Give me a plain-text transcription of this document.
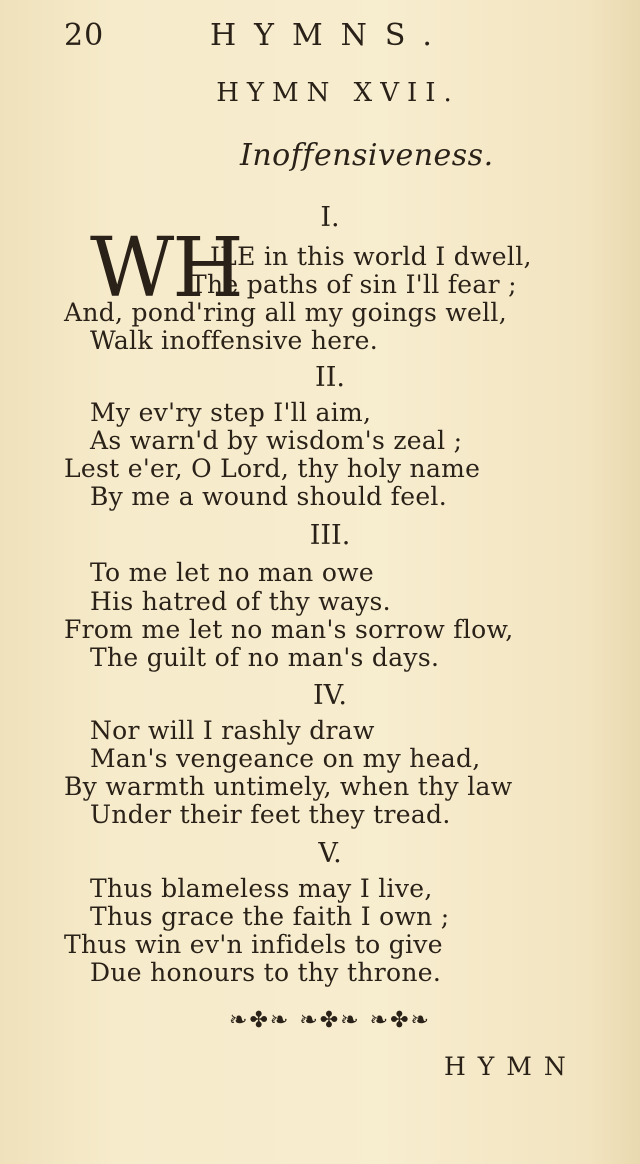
20	HYMNS.
HYMN XVII.
Inoffensiveness.
I.
WH
ILE in this world I dwell,
The paths of sin I'll fear ;
And, pond'ring all my goings well,
Walk inoffensive here.
II.
My ev'ry step I'll aim,
As warn'd by wisdom's zeal ;
Lest e'er, O Lord, thy holy name
By me a wound should feel.
III.
To me let no man owe
His hatred of thy ways.
From me let no man's sorrow flow,
The guilt of no man's days.
IV.
Nor will I rashly draw
Man's vengeance on my head,
By warmth untimely, when thy law
Under their feet they tread.
V.
Thus blameless may I live,
Thus grace the faith I own ;
Thus win ev'n infidels to give
Due honours to thy throne.
❧✤❧ ❧✤❧ ❧✤❧
HYMN
